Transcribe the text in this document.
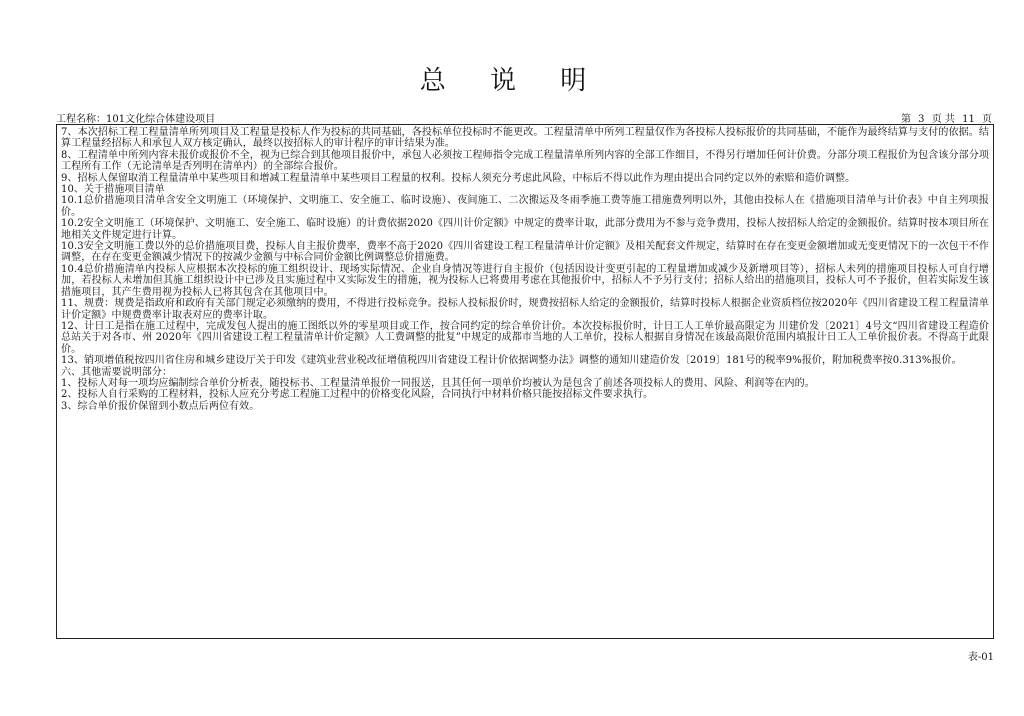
总 说 明
工程名称：101文化综合体建设项目	第 3 页 共 11 页

7、本次招标工程工程量清单所列项目及工程量是投标人作为投标的共同基础，各投标单位投标时不能更改。工程量清单中所列工程量仅作为各投标人投标报价的共同基础，不能作为最终结算与支付的依据。结算工程量经招标人和承包人双方核定确认，最终以按招标人的审计程序的审计结果为准。

8、工程清单中所列内容未报价或报价不全，视为已综合到其他项目报价中，承包人必须按工程师指令完成工程量清单所列内容的全部工作细目，不得另行增加任何计价费。分部分项工程报价为包含该分部分项工程所有工作（无论清单是否列明在清单内）的全部综合报价。

9、招标人保留取消工程量清单中某些项目和增减工程量清单中某些项目工程量的权利。投标人须充分考虑此风险，中标后不得以此作为理由提出合同约定以外的索赔和造价调整。

10、关于措施项目清单

10.1总价措施项目清单含安全文明施工（环境保护、文明施工、安全施工、临时设施）、夜间施工、二次搬运及冬雨季施工费等施工措施费列明以外，其他由投标人在《措施项目清单与计价表》中自主列项报价。

10.2安全文明施工（环境保护、文明施工、安全施工、临时设施）的计费依据2020《四川计价定额》中规定的费率计取，此部分费用为不参与竞争费用，投标人按招标人给定的金额报价。结算时按本项目所在地相关文件规定进行计算。

10.3安全文明施工费以外的总价措施项目费，投标人自主报价费率，费率不高于2020《四川省建设工程工程量清单计价定额》及相关配套文件规定，结算时在存在变更金额增加或无变更情况下的一次包干不作调整，在存在变更金额减少情况下的按减少金额与中标合同价金额比例调整总价措施费。

10.4总价措施清单内投标人应根据本次投标的施工组织设计、现场实际情况、企业自身情况等进行自主报价（包括因设计变更引起的工程量增加或减少及新增项目等），招标人未列的措施项目投标人可自行增加，若投标人未增加但其施工组织设计中已涉及且实施过程中又实际发生的措施，视为投标人已将费用考虑在其他报价中，招标人不予另行支付；招标人给出的措施项目，投标人可不予报价，但若实际发生该措施项目，其产生费用视为投标人已将其包含在其他项目中。

11、规费：规费是指政府和政府有关部门规定必须缴纳的费用，不得进行投标竞争。投标人投标报价时，规费按招标人给定的金额报价，结算时投标人根据企业资质档位按2020年《四川省建设工程工程量清单计价定额》中规费费率计取表对应的费率计取。

12、计日工是指在施工过程中，完成发包人提出的施工图纸以外的零星项目或工作，按合同约定的综合单价计价。本次投标报价时，计日工人工单价最高限定为 川建价发〔2021〕4号文“四川省建设工程造价总站关于对各市、州 2020年《四川省建设工程工程量清单计价定额》人工费调整的批复”中规定的成都市当地的人工单价，投标人根据自身情况在该最高限价范围内填报计日工人工单价报价表。不得高于此限价。

13、销项增值税按四川省住房和城乡建设厅关于印发《建筑业营业税改征增值税四川省建设工程计价依据调整办法》调整的通知川建造价发〔2019〕181号的税率9%报价，附加税费率按0.313%报价。

六、其他需要说明部分：

1、投标人对每一项均应编制综合单价分析表，随投标书、工程量清单报价一同报送，且其任何一项单价均被认为是包含了前述各项投标人的费用、风险、利润等在内的。

2、投标人自行采购的工程材料，投标人应充分考虑工程施工过程中的价格变化风险，合同执行中材料价格只能按招标文件要求执行。

3、综合单价报价保留到小数点后两位有效。

表-01
